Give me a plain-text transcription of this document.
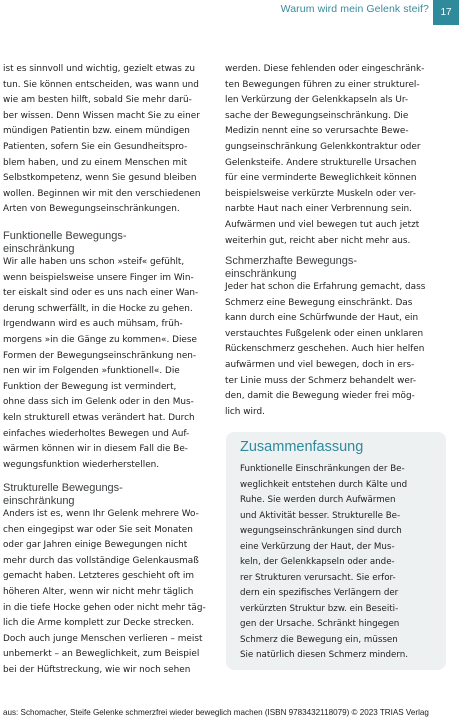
Warum wird mein Gelenk steif?	17

ist es sinnvoll und wichtig, gezielt etwas zu
tun. Sie können entscheiden, was wann und
wie am besten hilft, sobald Sie mehr darü-
ber wissen. Denn Wissen macht Sie zu einer
mündigen Patientin bzw. einem mündigen
Patienten, sofern Sie ein Gesundheitspro-
blem haben, und zu einem Menschen mit
Selbstkompetenz, wenn Sie gesund bleiben
wollen. Beginnen wir mit den verschiedenen
Arten von Bewegungseinschränkungen.

Funktionelle Bewegungs-
einschränkung

Wir alle haben uns schon »steif« gefühlt,
wenn beispielsweise unsere Finger im Win-
ter eiskalt sind oder es uns nach einer Wan-
derung schwerfällt, in die Hocke zu gehen.
Irgendwann wird es auch mühsam, früh-
morgens »in die Gänge zu kommen«. Diese
Formen der Bewegungseinschränkung nen-
nen wir im Folgenden »funktionell«. Die
Funktion der Bewegung ist vermindert,
ohne dass sich im Gelenk oder in den Mus-
keln strukturell etwas verändert hat. Durch
einfaches wiederholtes Bewegen und Auf-
wärmen können wir in diesem Fall die Be-
wegungsfunktion wiederherstellen.

Strukturelle Bewegungs-
einschränkung

Anders ist es, wenn Ihr Gelenk mehrere Wo-
chen eingegipst war oder Sie seit Monaten
oder gar Jahren einige Bewegungen nicht
mehr durch das vollständige Gelenkausmaß
gemacht haben. Letzteres geschieht oft im
höheren Alter, wenn wir nicht mehr täglich
in die tiefe Hocke gehen oder nicht mehr täg-
lich die Arme komplett zur Decke strecken.
Doch auch junge Menschen verlieren – meist
unbemerkt – an Beweglichkeit, zum Beispiel
bei der Hüftstreckung, wie wir noch sehen

werden. Diese fehlenden oder eingeschränk-
ten Bewegungen führen zu einer strukturel-
len Verkürzung der Gelenkkapseln als Ur-
sache der Bewegungseinschränkung. Die
Medizin nennt eine so verursachte Bewe-
gungseinschränkung Gelenkkontraktur oder
Gelenksteife. Andere strukturelle Ursachen
für eine verminderte Beweglichkeit können
beispielsweise verkürzte Muskeln oder ver-
narbte Haut nach einer Verbrennung sein.
Aufwärmen und viel bewegen tut auch jetzt
weiterhin gut, reicht aber nicht mehr aus.

Schmerzhafte Bewegungs-
einschränkung

Jeder hat schon die Erfahrung gemacht, dass
Schmerz eine Bewegung einschränkt. Das
kann durch eine Schürfwunde der Haut, ein
verstauchtes Fußgelenk oder einen unklaren
Rückenschmerz geschehen. Auch hier helfen
aufwärmen und viel bewegen, doch in ers-
ter Linie muss der Schmerz behandelt wer-
den, damit die Bewegung wieder frei mög-
lich wird.

Zusammenfassung

Funktionelle Einschränkungen der Be-
weglichkeit entstehen durch Kälte und
Ruhe. Sie werden durch Aufwärmen
und Aktivität besser. Strukturelle Be-
wegungseinschränkungen sind durch
eine Verkürzung der Haut, der Mus-
keln, der Gelenkkapseln oder ande-
rer Strukturen verursacht. Sie erfor-
dern ein spezifisches Verlängern der
verkürzten Struktur bzw. ein Beseiti-
gen der Ursache. Schränkt hingegen
Schmerz die Bewegung ein, müssen
Sie natürlich diesen Schmerz mindern.

aus: Schomacher, Steife Gelenke schmerzfrei wieder beweglich machen (ISBN 9783432118079) © 2023 TRIAS Verlag
